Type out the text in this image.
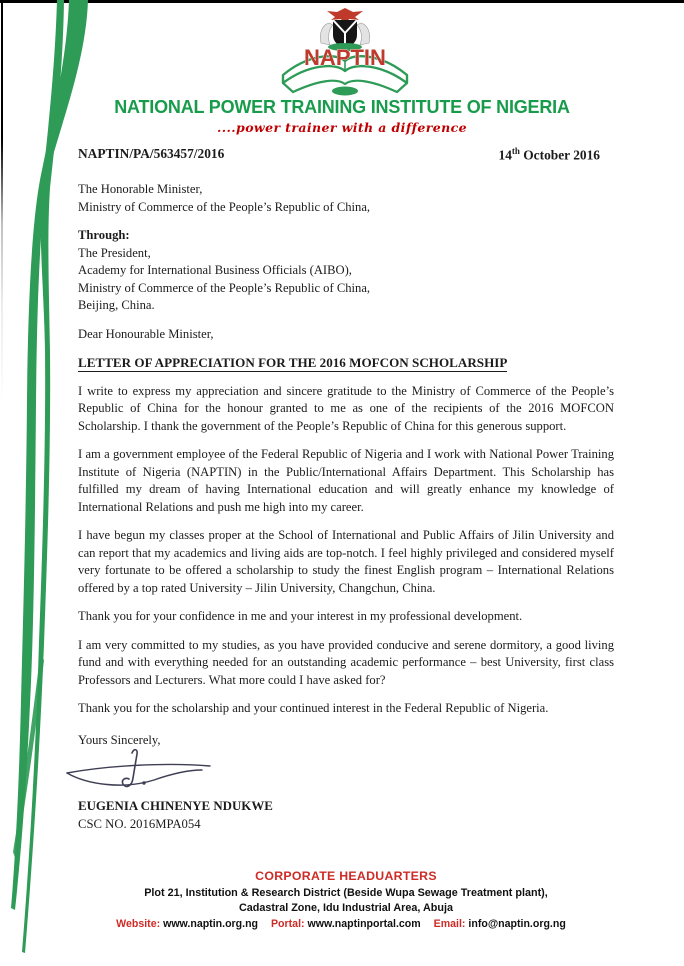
NAPTIN
NATIONAL POWER TRAINING INSTITUTE OF NIGERIA
....power trainer with a difference
NAPTIN/PA/563457/2016	14th October 2016
The Honorable Minister,
Ministry of Commerce of the People’s Republic of China,
Through:
The President,
Academy for International Business Officials (AIBO),
Ministry of Commerce of the People’s Republic of China,
Beijing, China.
Dear Honourable Minister,
LETTER OF APPRECIATION FOR THE 2016 MOFCON SCHOLARSHIP

I write to express my appreciation and sincere gratitude to the Ministry of Commerce of the People’s Republic of China for the honour granted to me as one of the recipients of the 2016 MOFCON Scholarship. I thank the government of the People’s Republic of China for this generous support.

I am a government employee of the Federal Republic of Nigeria and I work with National Power Training Institute of Nigeria (NAPTIN) in the Public/International Affairs Department. This Scholarship has fulfilled my dream of having International education and will greatly enhance my knowledge of International Relations and push me high into my career.

I have begun my classes proper at the School of International and Public Affairs of Jilin University and can report that my academics and living aids are top-notch. I feel highly privileged and considered myself very fortunate to be offered a scholarship to study the finest English program – International Relations offered by a top rated University – Jilin University, Changchun, China.

Thank you for your confidence in me and your interest in my professional development.

I am very committed to my studies, as you have provided conducive and serene dormitory, a good living fund and with everything needed for an outstanding academic performance – best University, first class Professors and Lecturers. What more could I have asked for?

Thank you for the scholarship and your continued interest in the Federal Republic of Nigeria.

Yours Sincerely,
EUGENIA CHINENYE NDUKWE
CSC NO. 2016MPA054
CORPORATE HEADUARTERS
Plot 21, Institution & Research District (Beside Wupa Sewage Treatment plant),
Cadastral Zone, Idu Industrial Area, Abuja
Website: www.naptin.org.ng Portal: www.naptinportal.com Email: info@naptin.org.ng
